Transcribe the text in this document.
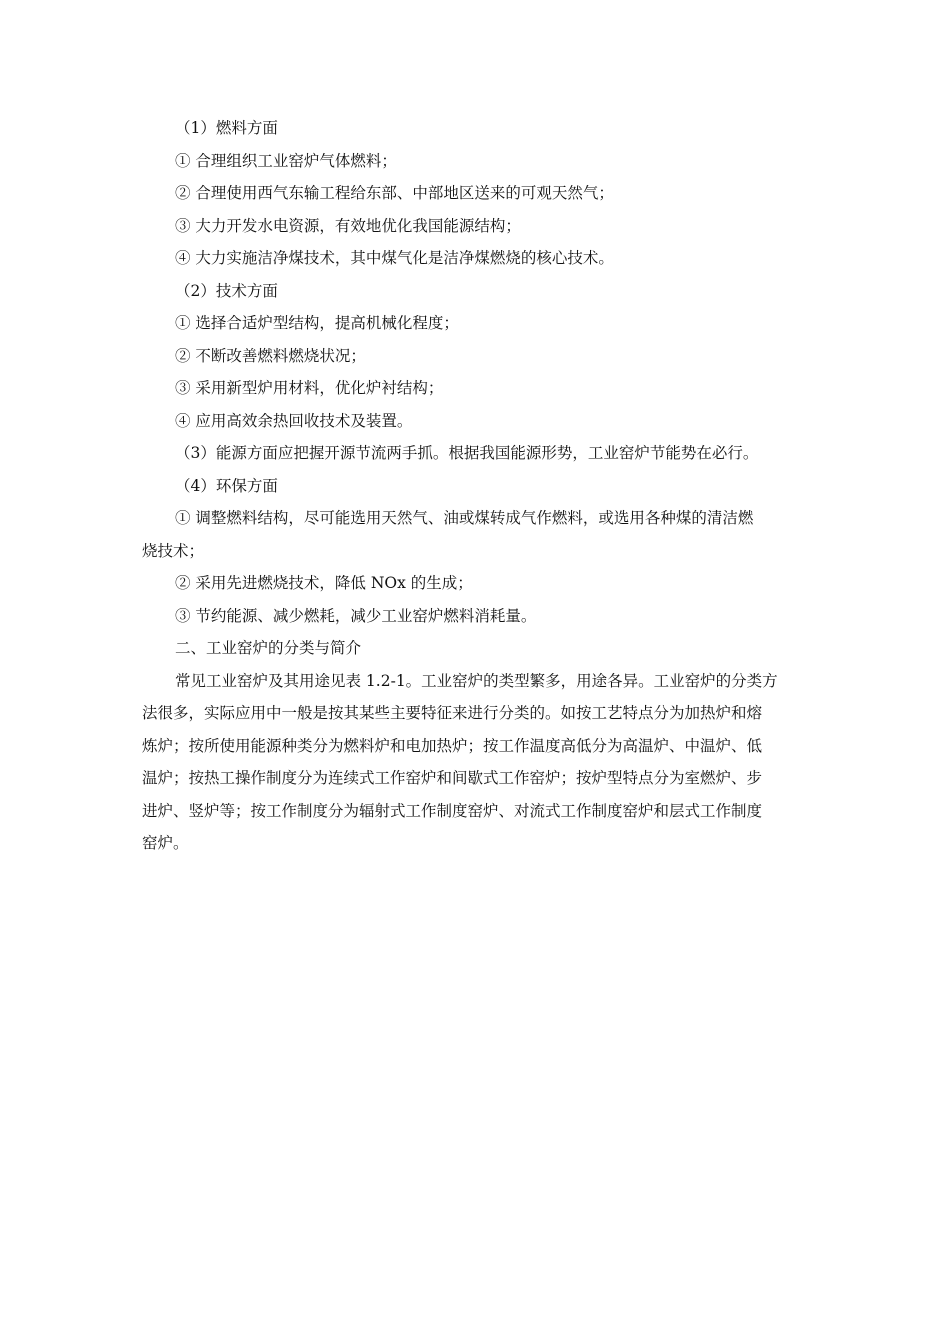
（1）燃料方面
① 合理组织工业窑炉气体燃料；
② 合理使用西气东输工程给东部、中部地区送来的可观天然气；
③ 大力开发水电资源，有效地优化我国能源结构；
④ 大力实施洁净煤技术，其中煤气化是洁净煤燃烧的核心技术。
（2）技术方面
① 选择合适炉型结构，提高机械化程度；
② 不断改善燃料燃烧状况；
③ 采用新型炉用材料，优化炉衬结构；
④ 应用高效余热回收技术及装置。
（3）能源方面应把握开源节流两手抓。根据我国能源形势，工业窑炉节能势在必行。
（4）环保方面
① 调整燃料结构，尽可能选用天然气、油或煤转成气作燃料，或选用各种煤的清洁燃
烧技术；
② 采用先进燃烧技术，降低 NOx 的生成；
③ 节约能源、减少燃耗，减少工业窑炉燃料消耗量。
二、工业窑炉的分类与简介
常见工业窑炉及其用途见表 1.2-1。工业窑炉的类型繁多，用途各异。工业窑炉的分类方
法很多，实际应用中一般是按其某些主要特征来进行分类的。如按工艺特点分为加热炉和熔
炼炉；按所使用能源种类分为燃料炉和电加热炉；按工作温度高低分为高温炉、中温炉、低
温炉；按热工操作制度分为连续式工作窑炉和间歇式工作窑炉；按炉型特点分为室燃炉、步
进炉、竖炉等；按工作制度分为辐射式工作制度窑炉、对流式工作制度窑炉和层式工作制度
窑炉。
